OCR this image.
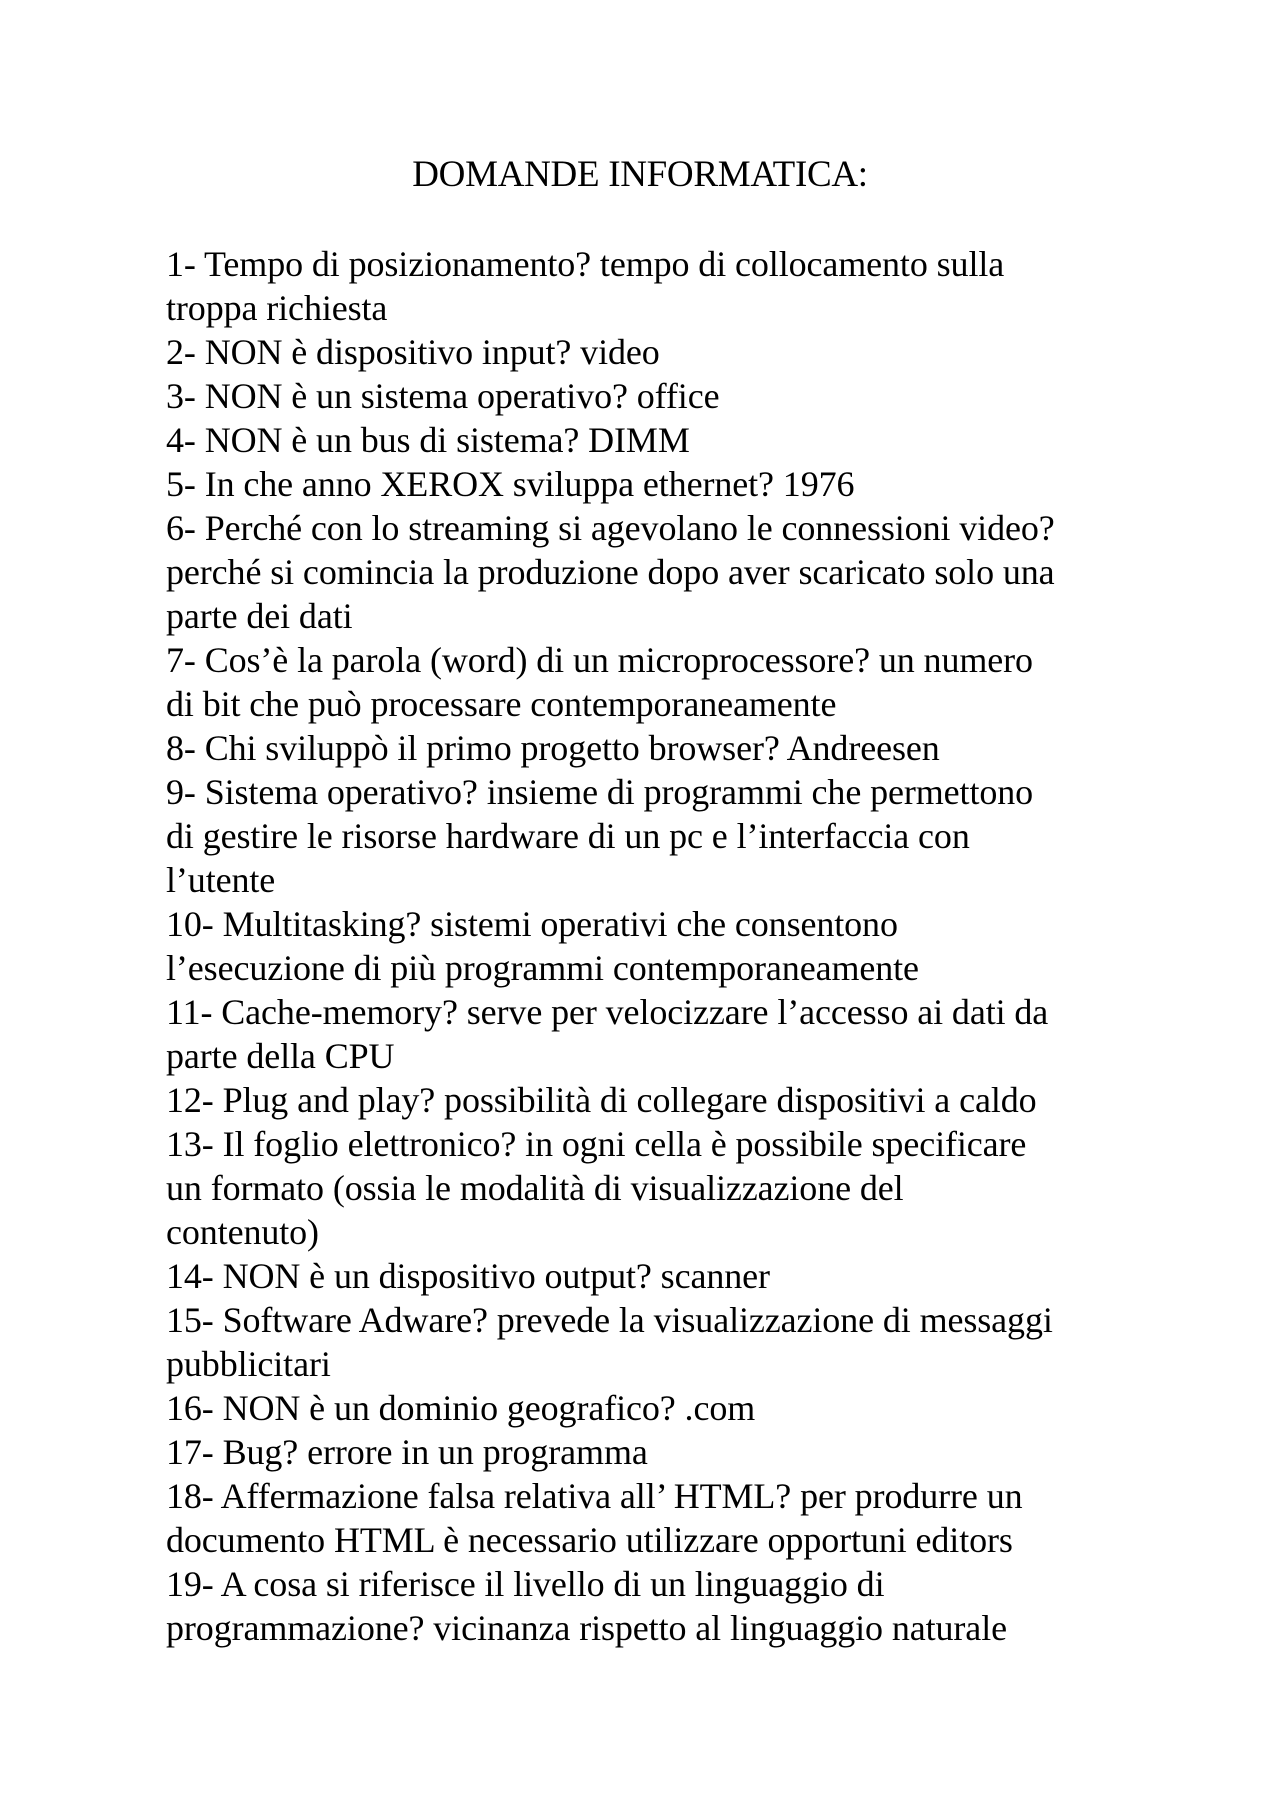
DOMANDE INFORMATICA:
1- Tempo di posizionamento? tempo di collocamento sulla
troppa richiesta
2- NON è dispositivo input? video
3- NON è un sistema operativo? office
4- NON è un bus di sistema? DIMM
5- In che anno XEROX sviluppa ethernet? 1976
6- Perché con lo streaming si agevolano le connessioni video?
perché si comincia la produzione dopo aver scaricato solo una
parte dei dati
7- Cos’è la parola (word) di un microprocessore? un numero
di bit che può processare contemporaneamente
8- Chi sviluppò il primo progetto browser? Andreesen
9- Sistema operativo? insieme di programmi che permettono
di gestire le risorse hardware di un pc e l’interfaccia con
l’utente
10- Multitasking? sistemi operativi che consentono
l’esecuzione di più programmi contemporaneamente
11- Cache-memory? serve per velocizzare l’accesso ai dati da
parte della CPU
12- Plug and play? possibilità di collegare dispositivi a caldo
13- Il foglio elettronico? in ogni cella è possibile specificare
un formato (ossia le modalità di visualizzazione del
contenuto)
14- NON è un dispositivo output? scanner
15- Software Adware? prevede la visualizzazione di messaggi
pubblicitari
16- NON è un dominio geografico? .com
17- Bug? errore in un programma
18- Affermazione falsa relativa all’ HTML? per produrre un
documento HTML è necessario utilizzare opportuni editors
19- A cosa si riferisce il livello di un linguaggio di
programmazione? vicinanza rispetto al linguaggio naturale
